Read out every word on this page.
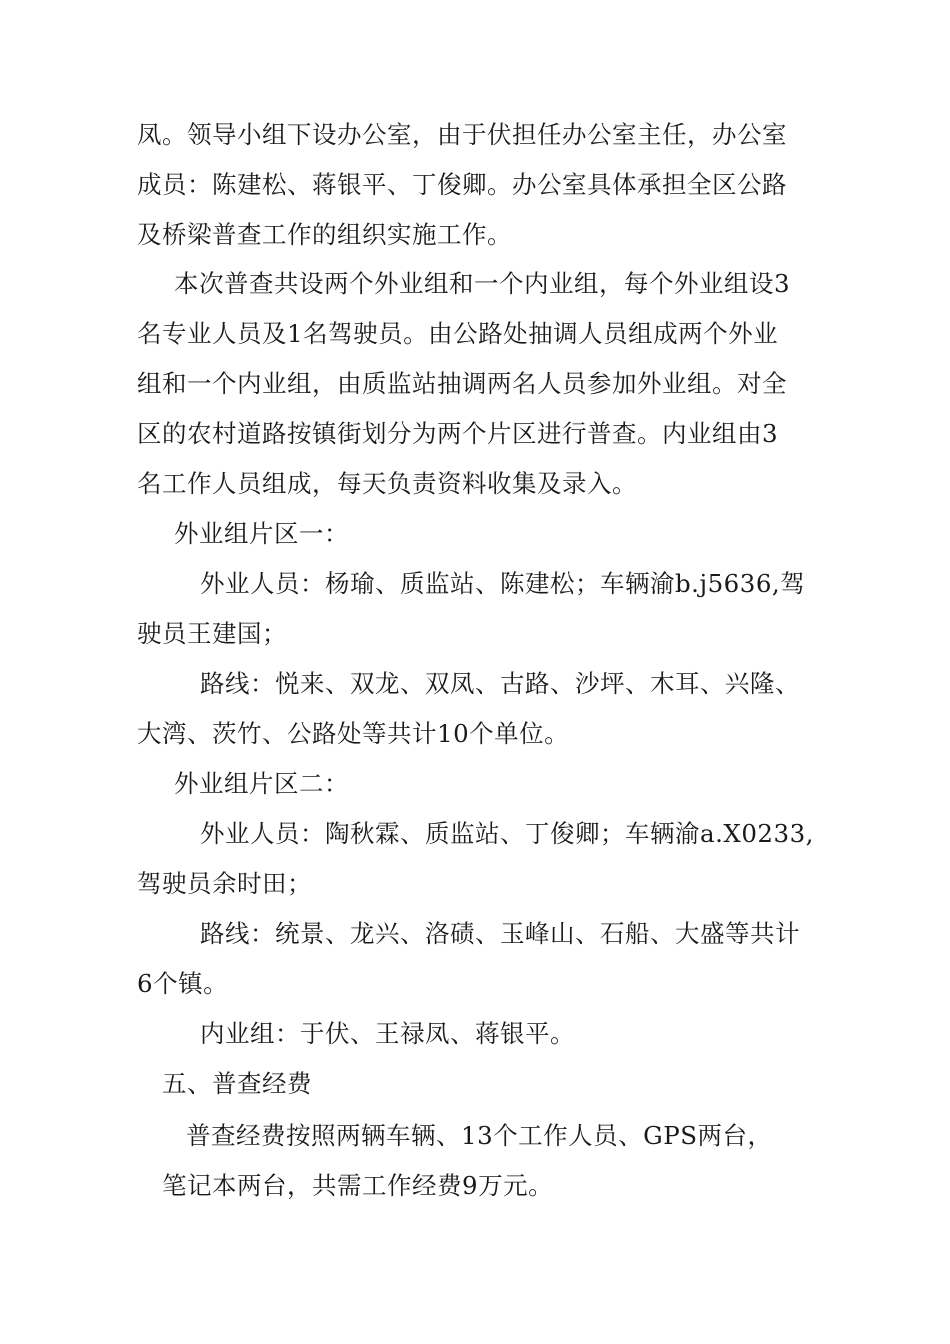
凤。领导小组下设办公室，由于伏担任办公室主任，办公室
成员：陈建松、蒋银平、丁俊卿。办公室具体承担全区公路
及桥梁普查工作的组织实施工作。
本次普查共设两个外业组和一个内业组，每个外业组设3
名专业人员及1名驾驶员。由公路处抽调人员组成两个外业
组和一个内业组，由质监站抽调两名人员参加外业组。对全
区的农村道路按镇街划分为两个片区进行普查。内业组由3
名工作人员组成，每天负责资料收集及录入。
外业组片区一：
外业人员：杨瑜、质监站、陈建松；车辆渝b.j5636,驾
驶员王建国；
路线：悦来、双龙、双凤、古路、沙坪、木耳、兴隆、
大湾、茨竹、公路处等共计10个单位。
外业组片区二：
外业人员：陶秋霖、质监站、丁俊卿；车辆渝a.X0233,
驾驶员余时田；
路线：统景、龙兴、洛碛、玉峰山、石船、大盛等共计
6个镇。
内业组：于伏、王禄凤、蒋银平。
五、普查经费
普查经费按照两辆车辆、13个工作人员、GPS两台，
笔记本两台，共需工作经费9万元。
